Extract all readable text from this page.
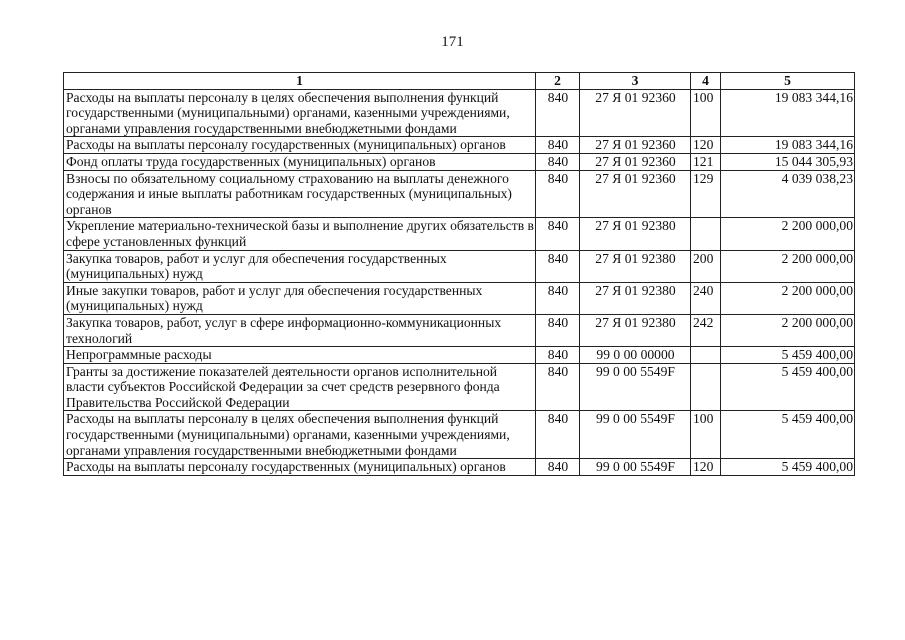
171
1	2	3	4	5
Расходы на выплаты персоналу в целях обеспечения выполнения функций государственными (муниципальными) органами, казенными учреждениями, органами управления государственными внебюджетными фондами	840	27 Я 01 92360	100	19 083 344,16
Расходы на выплаты персоналу государственных (муниципальных) органов	840	27 Я 01 92360	120	19 083 344,16
Фонд оплаты труда государственных (муниципальных) органов	840	27 Я 01 92360	121	15 044 305,93
Взносы по обязательному социальному страхованию на выплаты денежного содержания и иные выплаты работникам государственных (муниципальных) органов	840	27 Я 01 92360	129	4 039 038,23
Укрепление материально-технической базы и выполнение других обязательств в сфере установленных функций	840	27 Я 01 92380		2 200 000,00
Закупка товаров, работ и услуг для обеспечения государственных (муниципальных) нужд	840	27 Я 01 92380	200	2 200 000,00
Иные закупки товаров, работ и услуг для обеспечения государственных (муниципальных) нужд	840	27 Я 01 92380	240	2 200 000,00
Закупка товаров, работ, услуг в сфере информационно-коммуникационных технологий	840	27 Я 01 92380	242	2 200 000,00
Непрограммные расходы	840	99 0 00 00000		5 459 400,00
Гранты за достижение показателей деятельности органов исполнительной власти субъектов Российской Федерации за счет средств резервного фонда Правительства Российской Федерации	840	99 0 00 5549F		5 459 400,00
Расходы на выплаты персоналу в целях обеспечения выполнения функций государственными (муниципальными) органами, казенными учреждениями, органами управления государственными внебюджетными фондами	840	99 0 00 5549F	100	5 459 400,00
Расходы на выплаты персоналу государственных (муниципальных) органов	840	99 0 00 5549F	120	5 459 400,00
